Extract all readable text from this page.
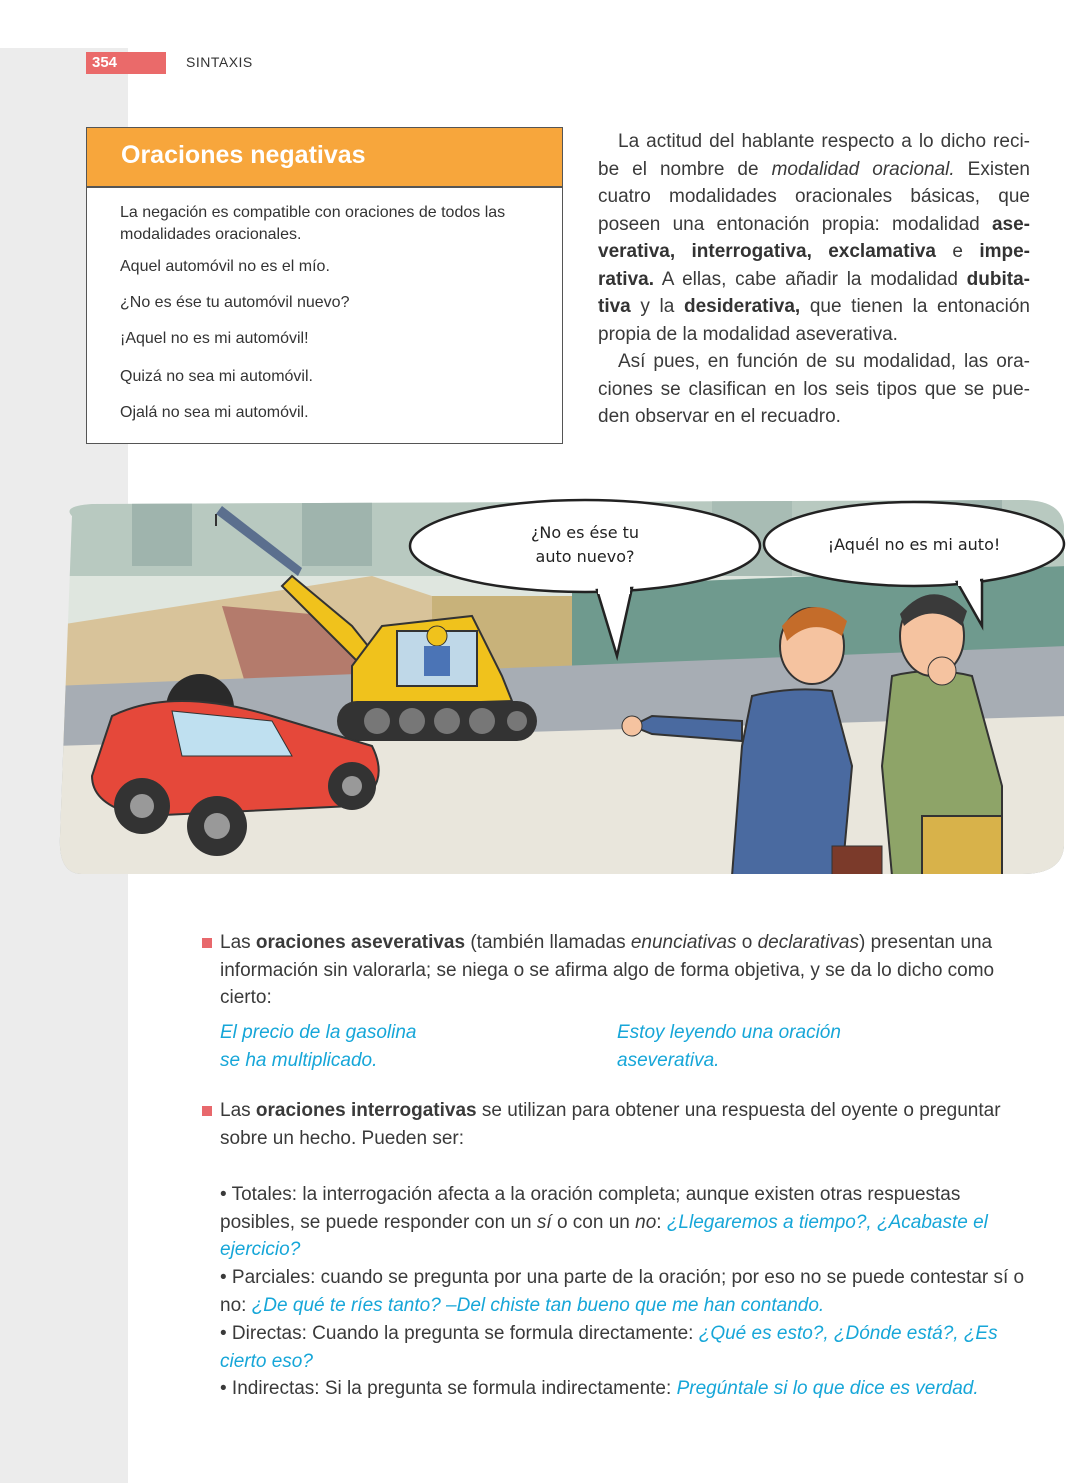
354	SINTAXIS
Oraciones negativas
La negación es compatible con oraciones de todos las modalidades oracionales.
Aquel automóvil no es el mío.
¿No es ése tu automóvil nuevo?
¡Aquel no es mi automóvil!
Quizá no sea mi automóvil.
Ojalá no sea mi automóvil.

La actitud del hablante respecto a lo dicho recibe el nombre de modalidad oracional. Existen cuatro modalidades oracionales básicas, que poseen una entonación propia: modalidad aseverativa, interrogativa, exclamativa e imperativa. A ellas, cabe añadir la modalidad dubitativa y la desiderativa, que tienen la entonación propia de la modalidad aseverativa.

Así pues, en función de su modalidad, las oraciones se clasifican en los seis tipos que se pueden observar en el recuadro.

¿No es ése tu
auto nuevo?
¡Aquél no es mi auto!
Las oraciones aseverativas (también llamadas enunciativas o declarativas) presentan una información sin valorarla; se niega o se afirma algo de forma objetiva, y se da lo dicho como cierto:
El precio de la gasolina
se ha multiplicado.
Estoy leyendo una oración
aseverativa.
Las oraciones interrogativas se utilizan para obtener una respuesta del oyente o preguntar sobre un hecho. Pueden ser:
• Totales: la interrogación afecta a la oración completa; aunque existen otras respuestas posibles, se puede responder con un sí o con un no: ¿Llegaremos a tiempo?, ¿Acabaste el ejercicio?
• Parciales: cuando se pregunta por una parte de la oración; por eso no se puede contestar sí o no: ¿De qué te ríes tanto? –Del chiste tan bueno que me han contando.
• Directas: Cuando la pregunta se formula directamente: ¿Qué es esto?, ¿Dónde está?, ¿Es cierto eso?
• Indirectas: Si la pregunta se formula indirectamente: Pregúntale si lo que dice es verdad.
